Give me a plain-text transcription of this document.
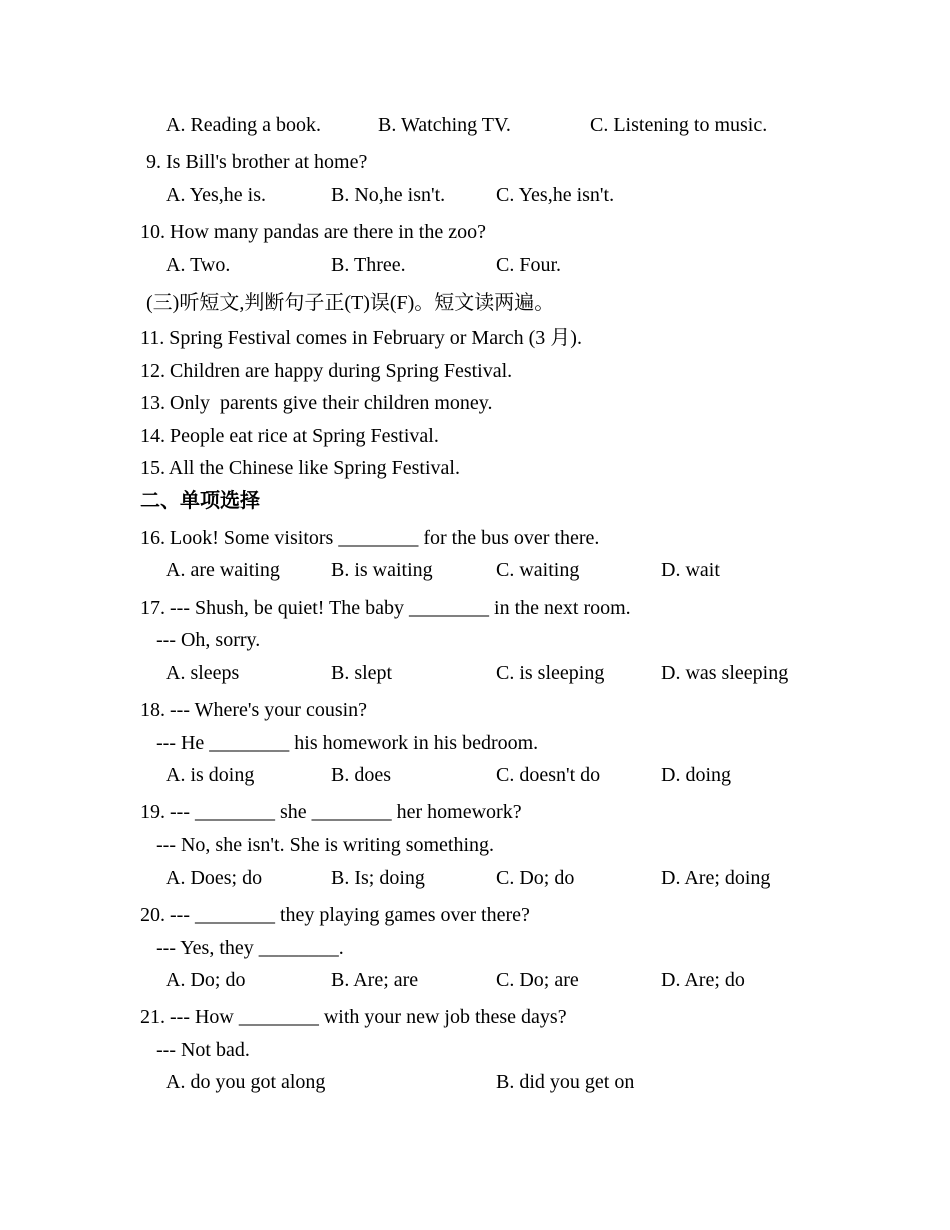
A. Reading a book.	B. Watching TV.	C. Listening to music.
9. Is Bill's brother at home?
A. Yes,he is.	B. No,he isn't.	C. Yes,he isn't.
10. How many pandas are there in the zoo?
A. Two.	B. Three.	C. Four.
(三)听短文,判断句子正(T)误(F)。短文读两遍。
11. Spring Festival comes in February or March (3 月).
12. Children are happy during Spring Festival.
13. Only  parents give their children money.
14. People eat rice at Spring Festival.
15. All the Chinese like Spring Festival.
二、单项选择
16. Look! Some visitors ________ for the bus over there.
A. are waiting	B. is waiting	C. waiting	D. wait
17. --- Shush, be quiet! The baby ________ in the next room.
--- Oh, sorry.
A. sleeps	B. slept	C. is sleeping	D. was sleeping
18. --- Where's your cousin?
--- He ________ his homework in his bedroom.
A. is doing	B. does	C. doesn't do	D. doing
19. --- ________ she ________ her homework?
--- No, she isn't. She is writing something.
A. Does; do	B. Is; doing	C. Do; do	D. Are; doing
20. --- ________ they playing games over there?
--- Yes, they ________.
A. Do; do	B. Are; are	C. Do; are	D. Are; do
21. --- How ________ with your new job these days?
--- Not bad.
A. do you got along	B. did you get on
